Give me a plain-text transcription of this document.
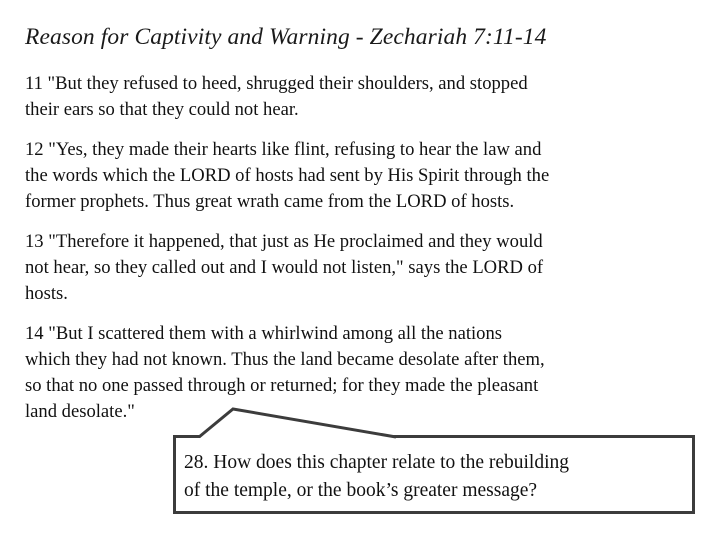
Reason for Captivity and Warning - Zechariah 7:11-14
11 "But they refused to heed, shrugged their shoulders, and stopped
their ears so that they could not hear.
12 "Yes, they made their hearts like flint, refusing to hear the law and
the words which the LORD of hosts had sent by His Spirit through the
former prophets. Thus great wrath came from the LORD of hosts.
13 "Therefore it happened, that just as He proclaimed and they would
not hear, so they called out and I would not listen," says the LORD of
hosts.
14 "But I scattered them with a whirlwind among all the nations
which they had not known. Thus the land became desolate after them,
so that no one passed through or returned; for they made the pleasant
land desolate."
28. How does this chapter relate to the rebuilding
of the temple, or the book’s greater message?
